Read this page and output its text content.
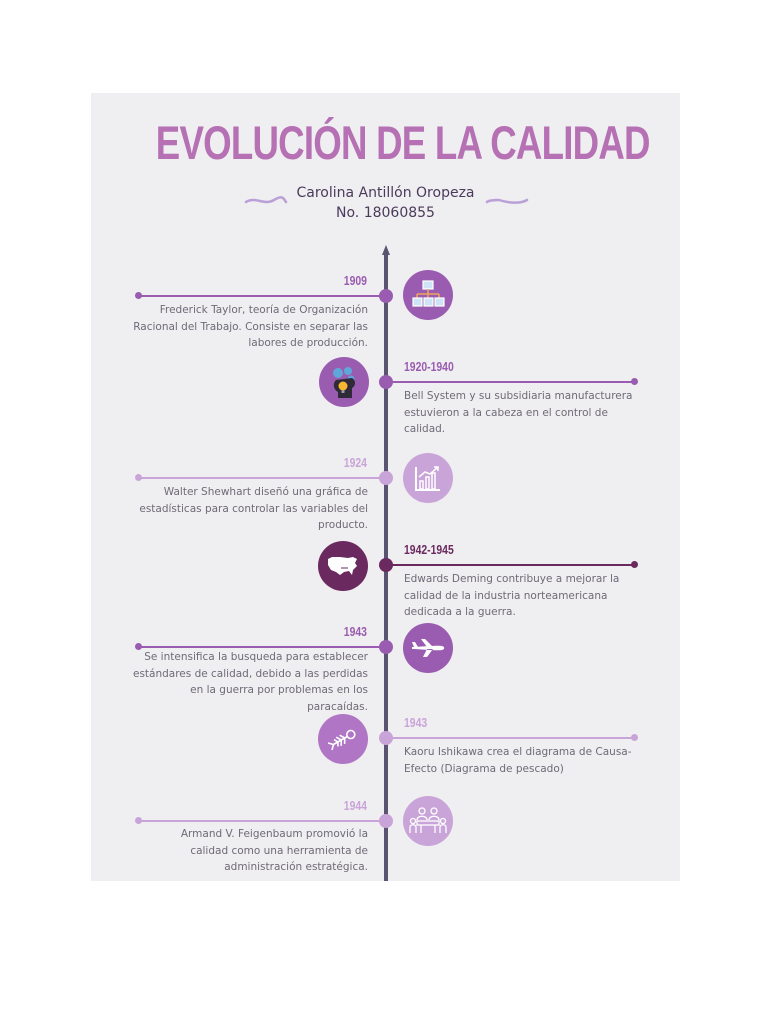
EVOLUCIÓN DE LA CALIDAD
Carolina Antillón Oropeza
No. 18060855
1909
Frederick Taylor, teoría de Organización Racional del Trabajo. Consiste en separar las labores de producción.
1920-1940
Bell System y su subsidiaria manufacturera estuvieron a la cabeza en el control de calidad.
1924
Walter Shewhart diseñó una gráfica de estadísticas para controlar las variables del producto.
1942-1945
Edwards Deming contribuye a mejorar la calidad de la industria norteamericana dedicada a la guerra.
1943
Se intensifica la busqueda para establecer estándares de calidad, debido a las perdidas en la guerra por problemas en los paracaídas.
1943
Kaoru Ishikawa crea el diagrama de Causa-Efecto (Diagrama de pescado)
1944
Armand V. Feigenbaum promovió la calidad como una herramienta de administración estratégica.
